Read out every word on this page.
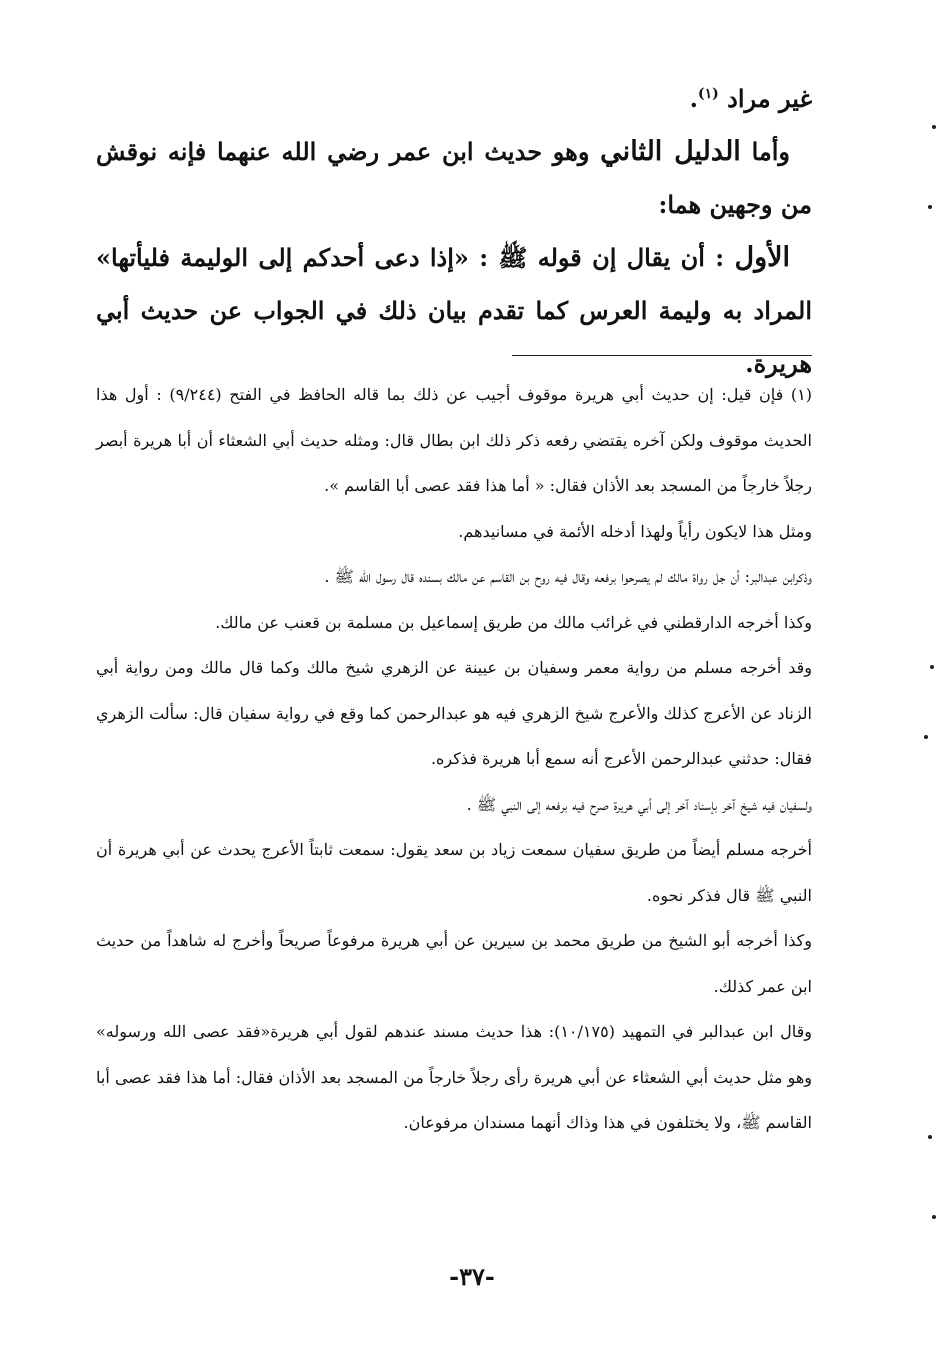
غير مراد $^{(١)}$.

وأما الدليل الثاني وهو حديث ابن عمر رضي الله عنهما فإنه نوقش من وجهين هما:

الأول : أن يقال إن قوله ﷺ : «إذا دعى أحدكم إلى الوليمة فليأتها» المراد به وليمة العرس كما تقدم بيان ذلك في الجواب عن حديث أبي هريرة.

(١) فإن قيل: إن حديث أبي هريرة موقوف أجيب عن ذلك بما قاله الحافظ في الفتح (٩/٢٤٤) : أول هذا الحديث موقوف ولكن آخره يقتضي رفعه ذكر ذلك ابن بطال قال: ومثله حديث أبي الشعثاء أن أبا هريرة أبصر رجلاً خارجاً من المسجد بعد الأذان فقال: « أما هذا فقد عصى أبا القاسم ».

ومثل هذا لايكون رأياً ولهذا أدخله الأئمة في مسانيدهم.

وذكرابن عبدالبر: أن جل رواة مالك لم يصرحوا برفعه وقال فيه روح بن القاسم عن مالك بسنده قال رسول الله ﷺ .

وكذا أخرجه الدارقطني في غرائب مالك من طريق إسماعيل بن مسلمة بن قعنب عن مالك.

وقد أخرجه مسلم من رواية معمر وسفيان بن عيينة عن الزهري شيخ مالك وكما قال مالك ومن رواية أبي الزناد عن الأعرج كذلك والأعرج شيخ الزهري فيه هو عبدالرحمن كما وقع في رواية سفيان قال: سألت الزهري فقال: حدثني عبدالرحمن الأعرج أنه سمع أبا هريرة فذكره.

ولسفيان فيه شيخ آخر بإسناد آخر إلى أبي هريرة صرح فيه برفعه إلى النبي ﷺ .

أخرجه مسلم أيضاً من طريق سفيان سمعت زياد بن سعد يقول: سمعت ثابتاً الأعرج يحدث عن أبي هريرة أن النبي ﷺ قال فذكر نحوه.

وكذا أخرجه أبو الشيخ من طريق محمد بن سيرين عن أبي هريرة مرفوعاً صريحاً وأخرج له شاهداً من حديث ابن عمر كذلك.

وقال ابن عبدالبر في التمهيد (١٠/١٧٥): هذا حديث مسند عندهم لقول أبي هريرة«فقد عصى الله ورسوله» وهو مثل حديث أبي الشعثاء عن أبي هريرة رأى رجلاً خارجاً من المسجد بعد الأذان فقال: أما هذا فقد عصى أبا القاسم ﷺ، ولا يختلفون في هذا وذاك أنهما مسندان مرفوعان.

-٣٧-
